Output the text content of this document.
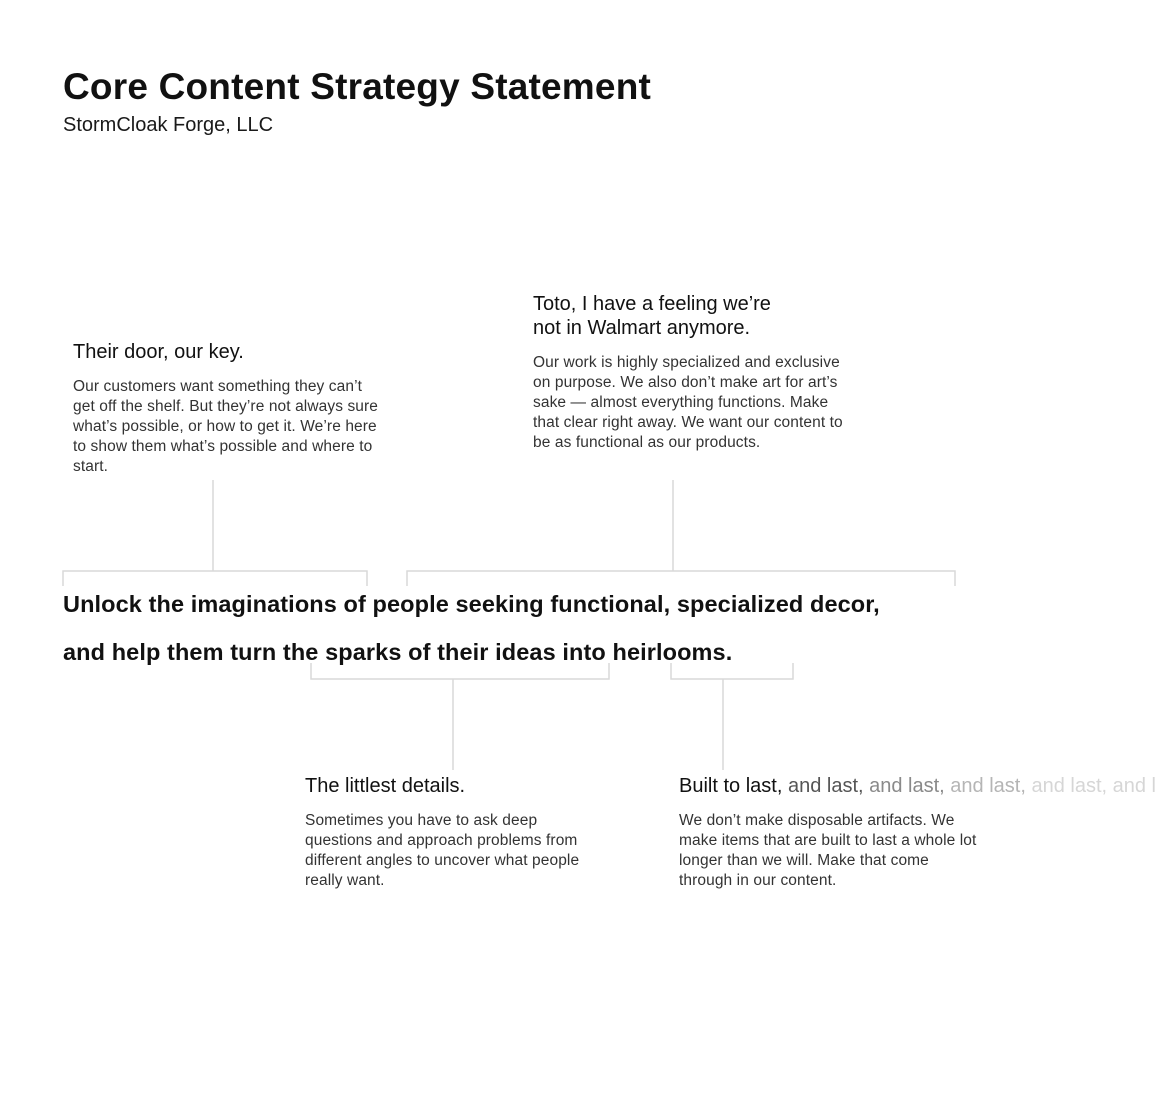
Core Content Strategy Statement
StormCloak Forge, LLC
Their door, our key.
Our customers want something they can’t get off the shelf. But they’re not always sure what’s possible, or how to get it. We’re here to show them what’s possible and where to start.
Toto, I have a feeling we’re
not in Walmart anymore.
Our work is highly specialized and exclusive on purpose. We also don’t make art for art’s sake — almost everything functions. Make that clear right away. We want our content to be as functional as our products.
Unlock the imaginations of people seeking functional, specialized decor,
and help them turn the sparks of their ideas into heirlooms.
The littlest details.
Sometimes you have to ask deep questions and approach problems from different angles to uncover what people really want.
Built to last, and last, and last, and last, and last, and l
We don’t make disposable artifacts. We make items that are built to last a whole lot longer than we will. Make that come through in our content.
